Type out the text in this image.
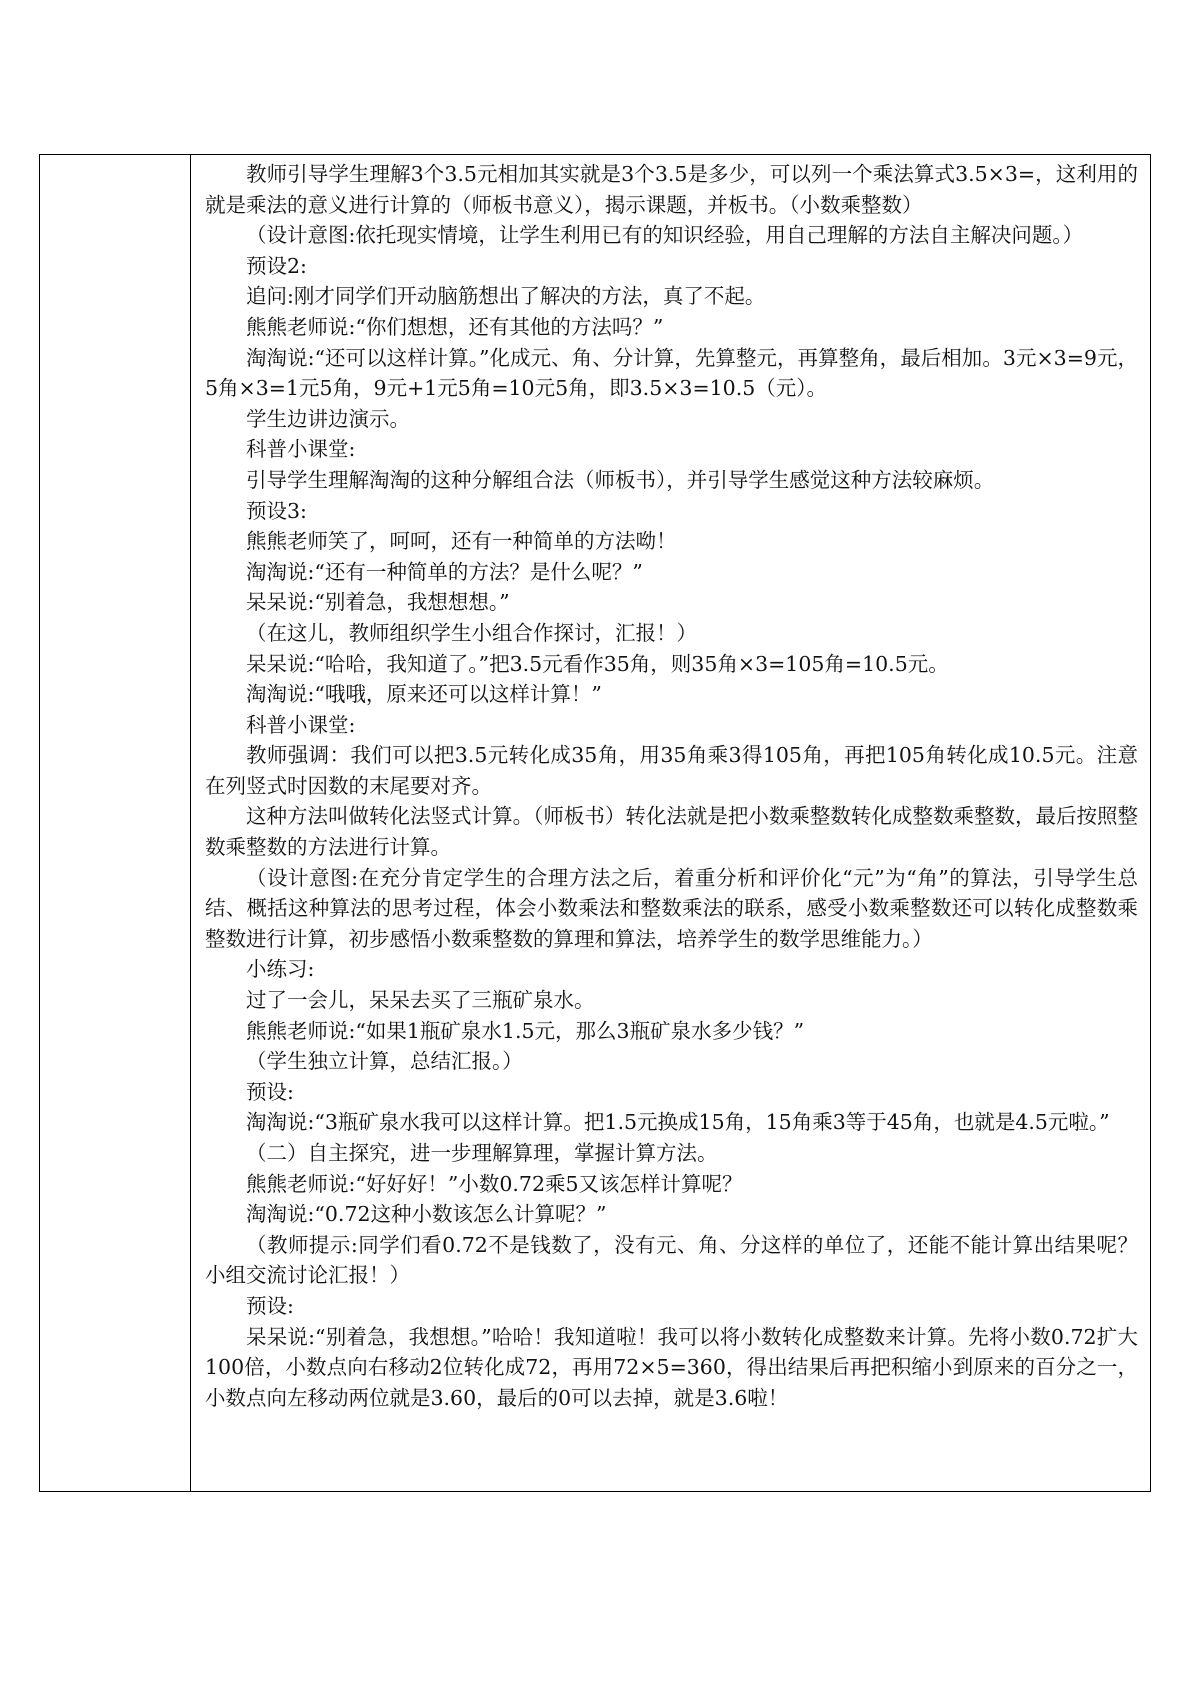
教师引导学生理解3个3.5元相加其实就是3个3.5是多少，可以列一个乘法算式3.5×3=，这利用的就是乘法的意义进行计算的（师板书意义），揭示课题，并板书。（小数乘整数）

（设计意图:依托现实情境，让学生利用已有的知识经验，用自己理解的方法自主解决问题。）

预设2:

追问:刚才同学们开动脑筋想出了解决的方法，真了不起。

熊熊老师说:“你们想想，还有其他的方法吗？”

淘淘说:“还可以这样计算。”化成元、角、分计算，先算整元，再算整角，最后相加。3元×3=9元，5角×3=1元5角，9元+1元5角=10元5角，即3.5×3=10.5（元）。

学生边讲边演示。

科普小课堂:

引导学生理解淘淘的这种分解组合法（师板书），并引导学生感觉这种方法较麻烦。

预设3:

熊熊老师笑了，呵呵，还有一种简单的方法呦！

淘淘说:“还有一种简单的方法？是什么呢？”

呆呆说:“别着急，我想想想。”

（在这儿，教师组织学生小组合作探讨，汇报！）

呆呆说:“哈哈，我知道了。”把3.5元看作35角，则35角×3=105角=10.5元。

淘淘说:“哦哦，原来还可以这样计算！”

科普小课堂:

教师强调：我们可以把3.5元转化成35角，用35角乘3得105角，再把105角转化成10.5元。注意在列竖式时因数的末尾要对齐。

这种方法叫做转化法竖式计算。（师板书）转化法就是把小数乘整数转化成整数乘整数，最后按照整数乘整数的方法进行计算。

（设计意图:在充分肯定学生的合理方法之后，着重分析和评价化“元”为“角”的算法，引导学生总结、概括这种算法的思考过程，体会小数乘法和整数乘法的联系，感受小数乘整数还可以转化成整数乘整数进行计算，初步感悟小数乘整数的算理和算法，培养学生的数学思维能力。）

小练习:

过了一会儿，呆呆去买了三瓶矿泉水。

熊熊老师说:“如果1瓶矿泉水1.5元，那么3瓶矿泉水多少钱？”

（学生独立计算，总结汇报。）

预设:

淘淘说:“3瓶矿泉水我可以这样计算。把1.5元换成15角，15角乘3等于45角，也就是4.5元啦。”

（二）自主探究，进一步理解算理，掌握计算方法。

熊熊老师说:“好好好！”小数0.72乘5又该怎样计算呢？

淘淘说:“0.72这种小数该怎么计算呢？”

（教师提示:同学们看0.72不是钱数了，没有元、角、分这样的单位了，还能不能计算出结果呢？小组交流讨论汇报！）

预设:

呆呆说:“别着急，我想想。”哈哈！我知道啦！我可以将小数转化成整数来计算。先将小数0.72扩大100倍，小数点向右移动2位转化成72，再用72×5=360，得出结果后再把积缩小到原来的百分之一，小数点向左移动两位就是3.60，最后的0可以去掉，就是3.6啦！
